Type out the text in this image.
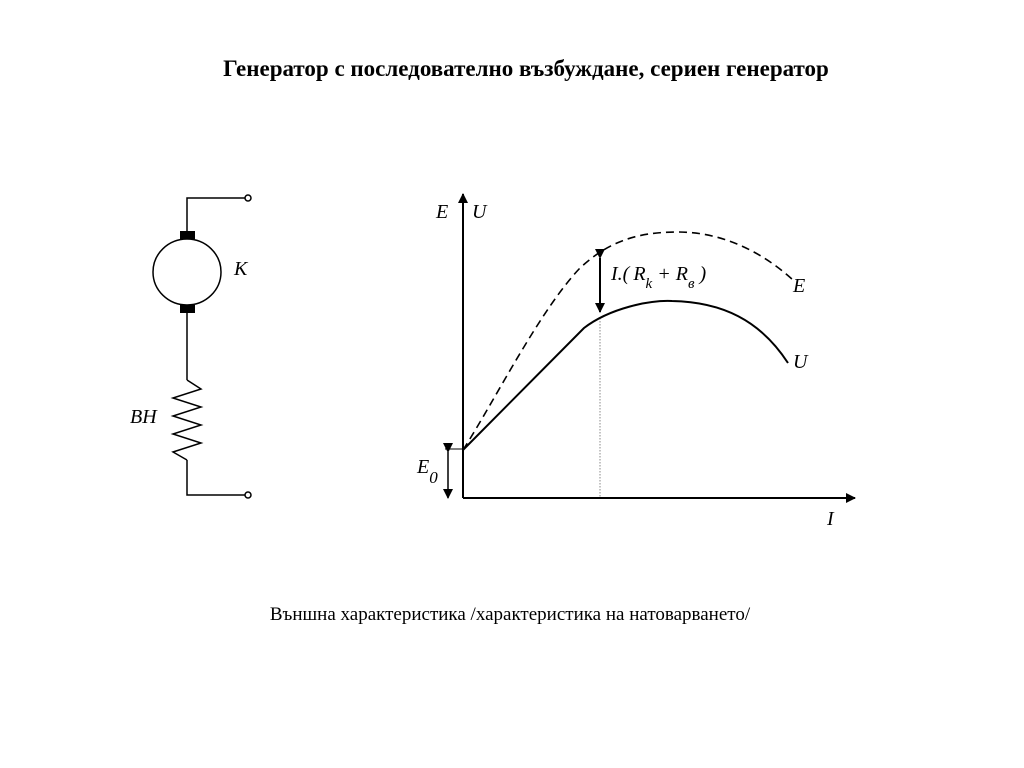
Генератор с последователно възбуждане, сериен генератор
К
ВН
E U
I
$E_0$
I.( $R_k + R_в$ )
E
U
Външна характеристика /характеристика на натоварването/
